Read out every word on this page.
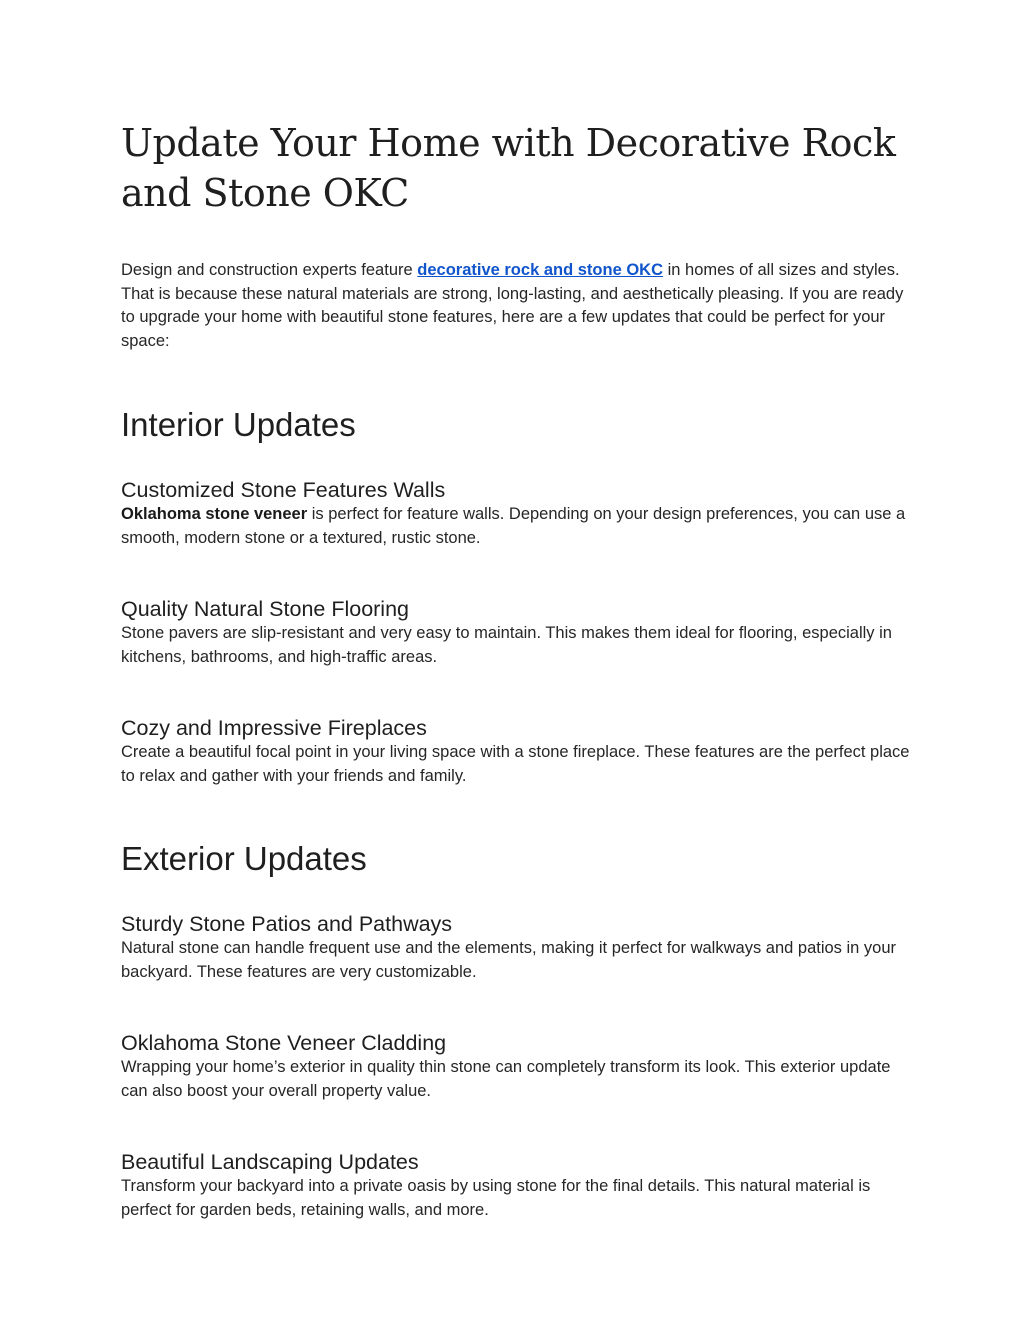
Update Your Home with Decorative Rock and Stone OKC

Design and construction experts feature decorative rock and stone OKC in homes of all sizes and styles. That is because these natural materials are strong, long-lasting, and aesthetically pleasing. If you are ready to upgrade your home with beautiful stone features, here are a few updates that could be perfect for your space:

Interior Updates
Customized Stone Features Walls

Oklahoma stone veneer is perfect for feature walls. Depending on your design preferences, you can use a smooth, modern stone or a textured, rustic stone.

Quality Natural Stone Flooring

Stone pavers are slip-resistant and very easy to maintain. This makes them ideal for flooring, especially in kitchens, bathrooms, and high-traffic areas.

Cozy and Impressive Fireplaces

Create a beautiful focal point in your living space with a stone fireplace. These features are the perfect place to relax and gather with your friends and family.

Exterior Updates
Sturdy Stone Patios and Pathways

Natural stone can handle frequent use and the elements, making it perfect for walkways and patios in your backyard. These features are very customizable.

Oklahoma Stone Veneer Cladding

Wrapping your home’s exterior in quality thin stone can completely transform its look. This exterior update can also boost your overall property value.

Beautiful Landscaping Updates

Transform your backyard into a private oasis by using stone for the final details. This natural material is perfect for garden beds, retaining walls, and more.
